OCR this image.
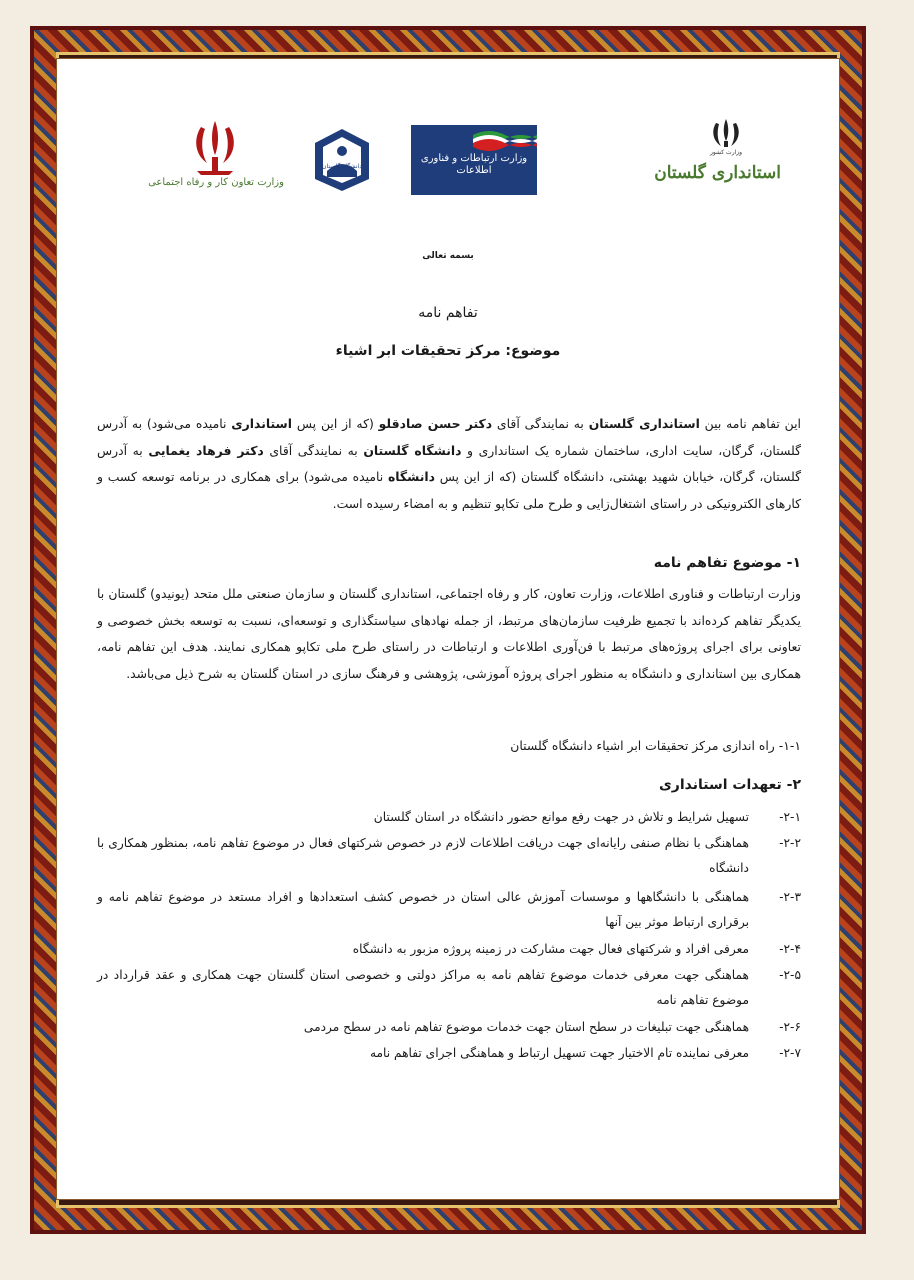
وزارت تعاون کار و رفاه اجتماعی
دانشگاه گلستان
وزارت ارتباطات و فناوری اطلاعات
وزارت کشور
استانداری گلستان
بسمه تعالی
تفاهم نامه
موضوع: مرکز تحقیقات ابر اشیاء
این تفاهم نامه بین استانداری گلستان به نمایندگی آقای دکتر حسن صادقلو (که از این پس استانداری نامیده می‌شود) به آدرس گلستان، گرگان، سایت اداری، ساختمان شماره یک استانداری و دانشگاه گلستان به نمایندگی آقای دکتر فرهاد یغمایی به آدرس گلستان، گرگان، خیابان شهید بهشتی، دانشگاه گلستان (که از این پس دانشگاه نامیده می‌شود) برای همکاری در برنامه توسعه کسب و کارهای الکترونیکی در راستای اشتغال‌زایی و طرح ملی تکاپو تنظیم و به امضاء رسیده است.
۱- موضوع تفاهم نامه
وزارت ارتباطات و فناوری اطلاعات، وزارت تعاون، کار و رفاه اجتماعی، استانداری گلستان و سازمان صنعتی ملل متحد (یونیدو) گلستان با یکدیگر تفاهم کرده‌اند با تجمیع ظرفیت سازمان‌های مرتبط، از جمله نهادهای سیاستگذاری و توسعه‌ای، نسبت به توسعه بخش خصوصی و تعاونی برای اجرای پروژه‌های مرتبط با فن‌آوری اطلاعات و ارتباطات در راستای طرح ملی تکاپو همکاری نمایند. هدف این تفاهم نامه، همکاری بین استانداری و دانشگاه به منظور اجرای پروژه آموزشی، پژوهشی و فرهنگ سازی در استان گلستان به شرح ذیل می‌باشد.
۱-۱- راه اندازی مرکز تحقیقات ابر اشیاء دانشگاه گلستان
۲- تعهدات استانداری
۲-۱-
تسهیل شرایط و تلاش در جهت رفع موانع حضور دانشگاه در استان گلستان
۲-۲-
هماهنگی با نظام صنفی رایانه‌ای جهت دریافت اطلاعات لازم در خصوص شرکتهای فعال در موضوع تفاهم نامه، بمنظور همکاری با دانشگاه
۲-۳-
هماهنگی با دانشگاهها و موسسات آموزش عالی استان در خصوص کشف استعدادها و افراد مستعد در موضوع تفاهم نامه و برقراری ارتباط موثر بین آنها
۲-۴-
معرفی افراد و شرکتهای فعال جهت مشارکت در زمینه پروژه مزبور به دانشگاه
۲-۵-
هماهنگی جهت معرفی خدمات موضوع تفاهم نامه به مراکز دولتی و خصوصی استان گلستان جهت همکاری و عقد قرارداد در موضوع تفاهم نامه
۲-۶-
هماهنگی جهت تبلیغات در سطح استان جهت خدمات موضوع تفاهم نامه در سطح مردمی
۲-۷-
معرفی نماینده تام الاختیار جهت تسهیل ارتباط و هماهنگی اجرای تفاهم نامه
